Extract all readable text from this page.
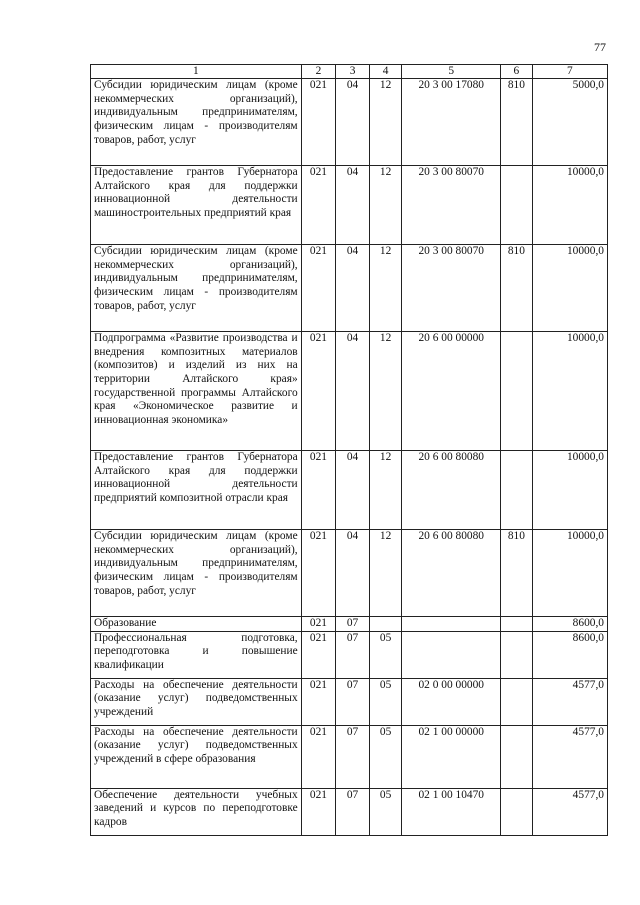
77
1	2	3	4	5	6	7
Субсидии юридическим лицам (кроме некоммерческих организаций), индивидуальным предпринимателям, физическим лицам - производителям товаров, работ, услуг	021	04	12	20 3 00 17080	810	5000,0
Предоставление грантов Губернатора Алтайского края для поддержки инновационной деятельности машиностроительных предприятий края	021	04	12	20 3 00 80070		10000,0
Субсидии юридическим лицам (кроме некоммерческих организаций), индивидуальным предпринимателям, физическим лицам - производителям товаров, работ, услуг	021	04	12	20 3 00 80070	810	10000,0
Подпрограмма «Развитие производства и внедрения композитных материалов (композитов) и изделий из них на территории Алтайского края» государственной программы Алтайского края «Экономическое развитие и инновационная экономика»	021	04	12	20 6 00 00000		10000,0
Предоставление грантов Губернатора Алтайского края для поддержки инновационной деятельности предприятий композитной отрасли края	021	04	12	20 6 00 80080		10000,0
Субсидии юридическим лицам (кроме некоммерческих организаций), индивидуальным предпринимателям, физическим лицам - производителям товаров, работ, услуг	021	04	12	20 6 00 80080	810	10000,0
Образование	021	07				8600,0
Профессиональная подготовка, переподготовка и повышение квалификации	021	07	05			8600,0
Расходы на обеспечение деятельности (оказание услуг) подведомственных учреждений	021	07	05	02 0 00 00000		4577,0
Расходы на обеспечение деятельности (оказание услуг) подведомственных учреждений в сфере образования	021	07	05	02 1 00 00000		4577,0
Обеспечение деятельности учебных заведений и курсов по переподготовке кадров	021	07	05	02 1 00 10470		4577,0
